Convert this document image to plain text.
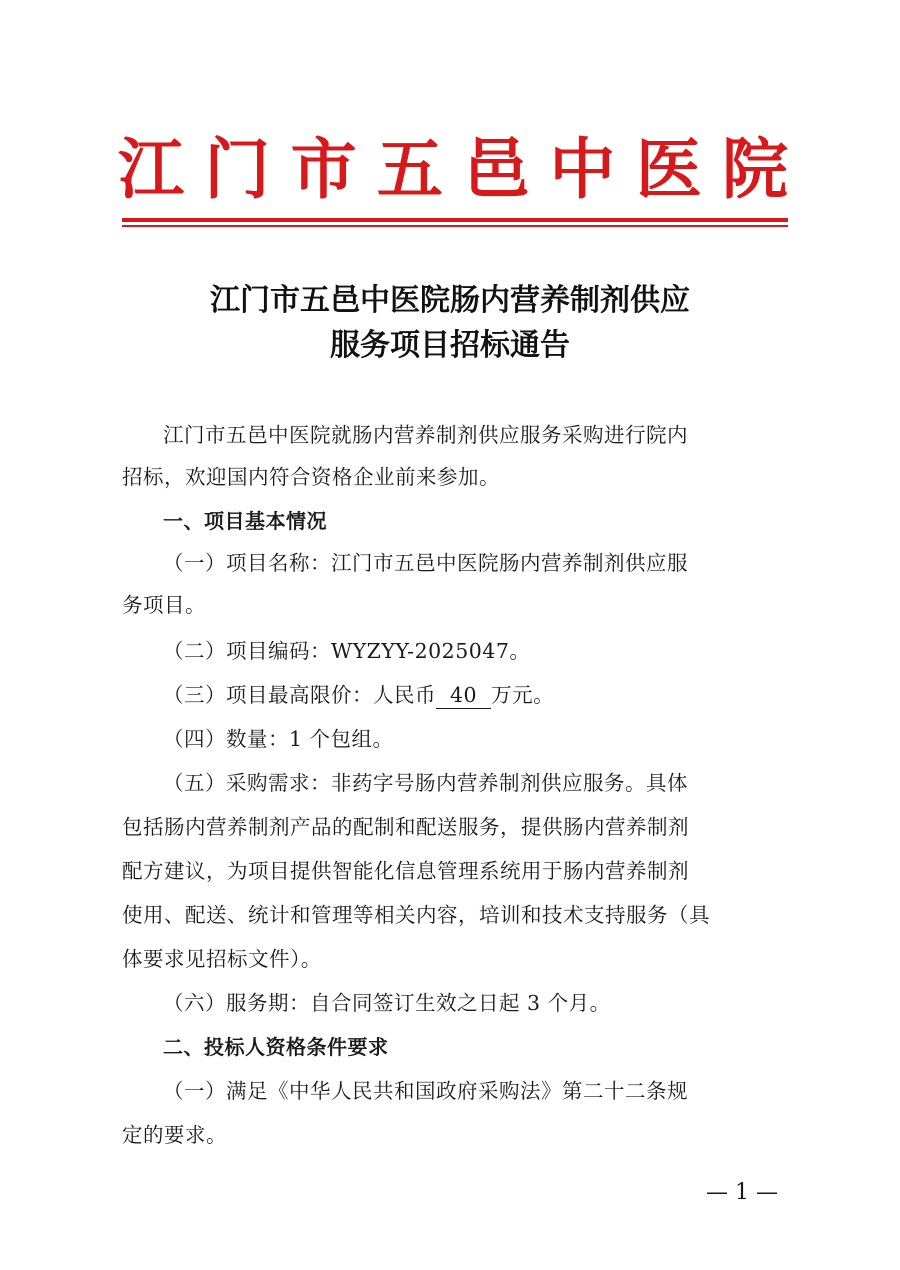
江 门 市 五 邑 中 医 院
江门市五邑中医院肠内营养制剂供应
服务项目招标通告
江门市五邑中医院就肠内营养制剂供应服务采购进行院内
招标，欢迎国内符合资格企业前来参加。
一、项目基本情况
（一）项目名称：江门市五邑中医院肠内营养制剂供应服
务项目。
（二）项目编码：WYZYY-2025047。
（三）项目最高限价：人民币 40 万元。
（四）数量：1 个包组。
（五）采购需求：非药字号肠内营养制剂供应服务。具体
包括肠内营养制剂产品的配制和配送服务，提供肠内营养制剂
配方建议，为项目提供智能化信息管理系统用于肠内营养制剂
使用、配送、统计和管理等相关内容，培训和技术支持服务（具
体要求见招标文件）。
（六）服务期：自合同签订生效之日起 3 个月。
二、投标人资格条件要求
（一）满足《中华人民共和国政府采购法》第二十二条规
定的要求。
— 1 —
